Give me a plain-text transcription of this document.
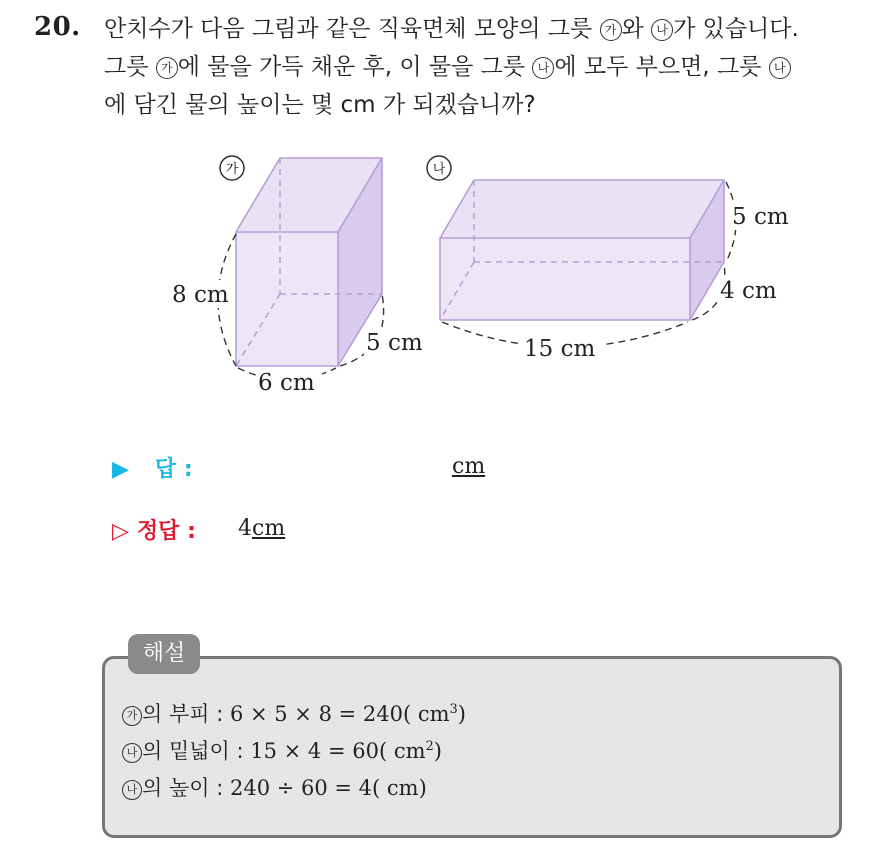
20. 안치수가 다음 그림과 같은 직육면체 모양의 그릇 가 와 나 가 있습니다.
그릇 가 에 물을 가득 채운 후, 이 물을 그릇 나 에 모두 부으면, 그릇 나
에 담긴 물의 높이는 몇 cm 가 되겠습니까?
가	나
8 cm
5 cm
6 cm
5 cm
4 cm
15 cm
▶ 답 :	cm
▷ 정답 : 4cm
해설
가 의 부피 : 6 × 5 × 8 = 240( $cm^3$)
나 의 밑넓이 : 15 × 4 = 60( $cm^2$)
나 의 높이 : 240 ÷ 60 = 4( cm)
